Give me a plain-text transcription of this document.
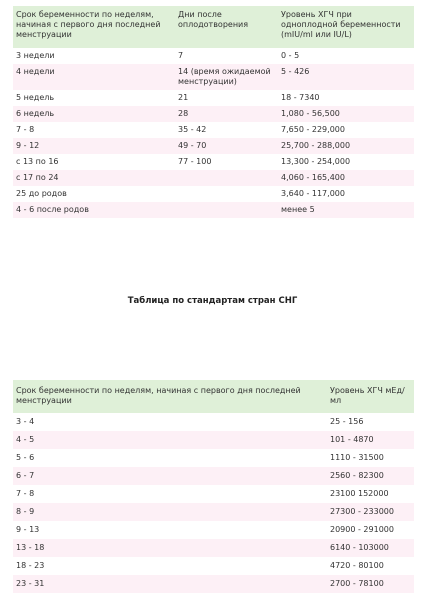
Срок беременности по неделям, начиная с первого дня последней менструации	Дни после оплодотворения	Уровень ХГЧ при одноплодной беременности (mIU/ml или IU/L)
3 недели	7	0 - 5
4 недели	14 (время ожидаемой менструации)	5 - 426
5 недель	21	18 - 7340
6 недель	28	1,080 - 56,500
7 - 8	35 - 42	7,650 - 229,000
9 - 12	49 - 70	25,700 - 288,000
с 13 по 16	77 - 100	13,300 - 254,000
с 17 по 24		4,060 - 165,400
25 до родов		3,640 - 117,000
4 - 6 после родов		менее 5
Таблица по стандартам стран СНГ
Срок беременности по неделям, начиная с первого дня последней менструации	Уровень ХГЧ мЕд/мл
3 - 4	25 - 156
4 - 5	101 - 4870
5 - 6	1110 - 31500
6 - 7	2560 - 82300
7 - 8	23100 152000
8 - 9	27300 - 233000
9 - 13	20900 - 291000
13 - 18	6140 - 103000
18 - 23	4720 - 80100
23 - 31	2700 - 78100
